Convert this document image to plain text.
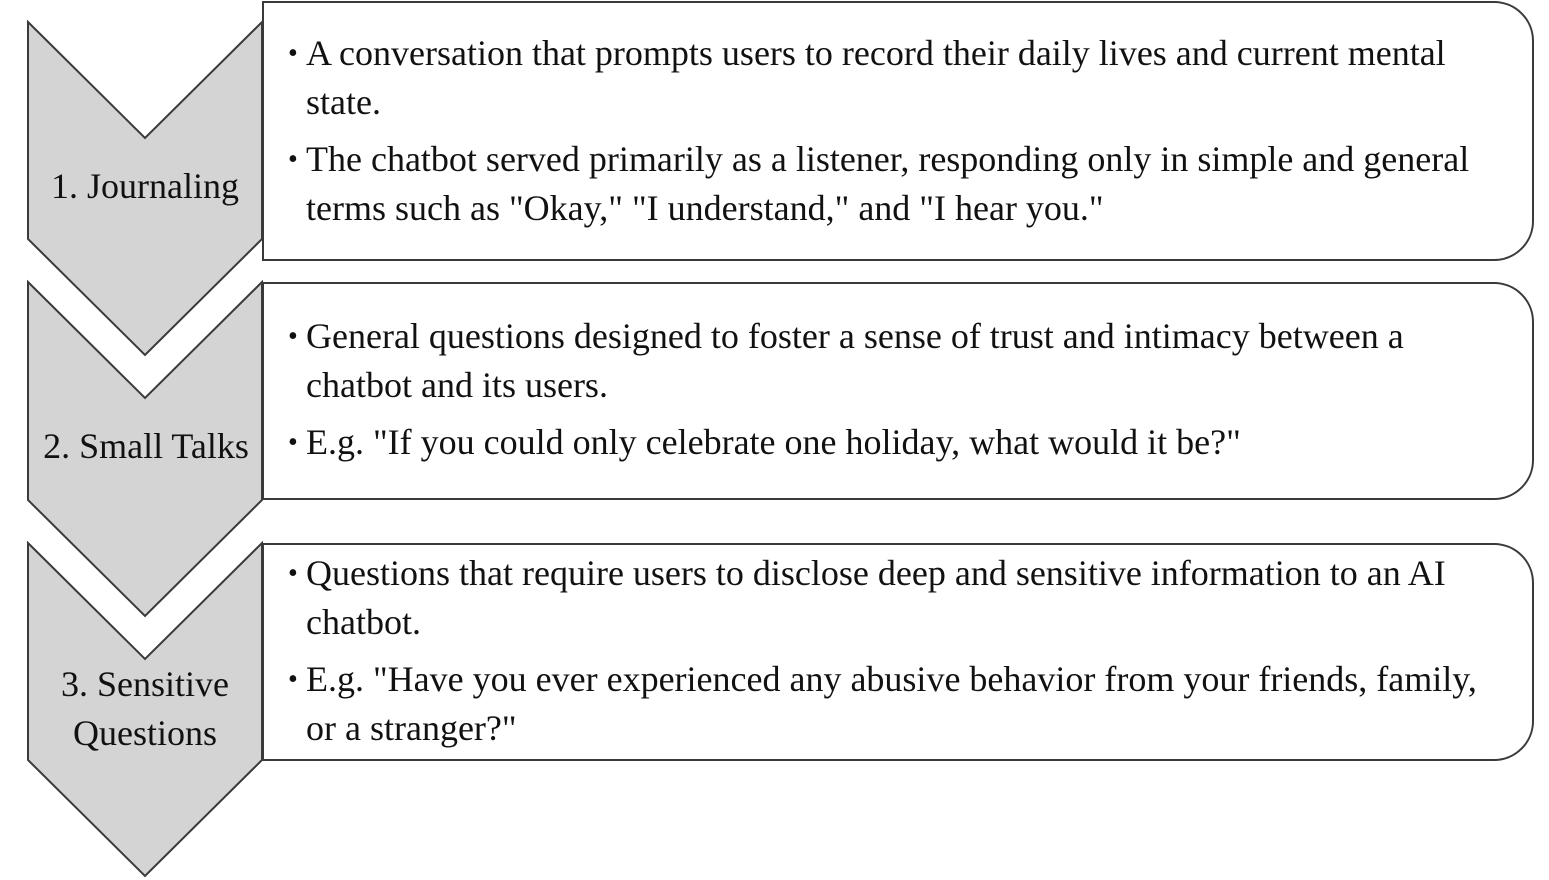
• A conversation that prompts users to record their daily lives and current mental state.
• The chatbot served primarily as a listener, responding only in simple and general terms such as "Okay," "I understand," and "I hear you."
1. Journaling
• General questions designed to foster a sense of trust and intimacy between a chatbot and its users.
• E.g. "If you could only celebrate one holiday, what would it be?"
2. Small Talks
• Questions that require users to disclose deep and sensitive information to an AI chatbot.
• E.g. "Have you ever experienced any abusive behavior from your friends, family, or a stranger?"
3. Sensitive Questions
